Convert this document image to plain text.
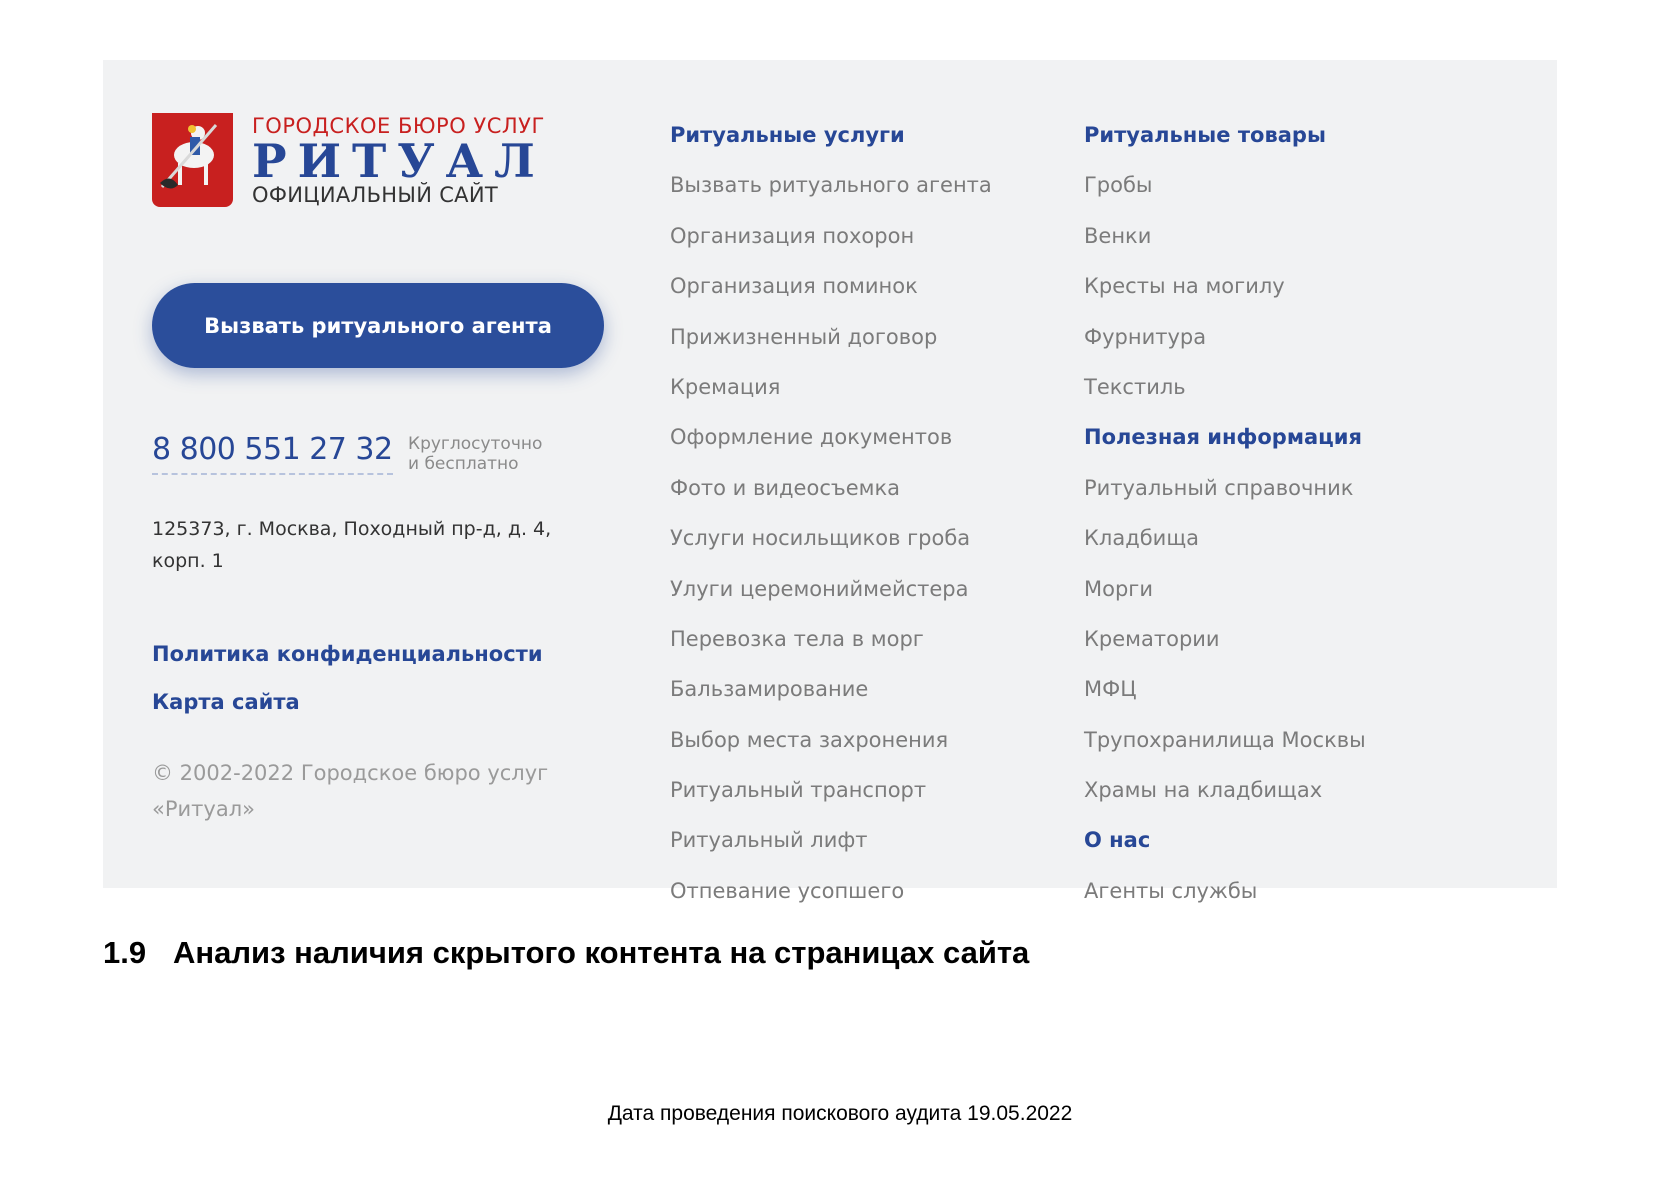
ГОРОДСКОЕ БЮРО УСЛУГ
РИТУАЛ
ОФИЦИАЛЬНЫЙ САЙТ
Вызвать ритуального агента
8 800 551 27 32 Круглосуточно
и бесплатно
125373, г. Москва, Походный пр-д, д. 4,
корп. 1
Политика конфиденциальности
Карта сайта
© 2002-2022 Городское бюро услуг
«Ритуал»
Ритуальные услуги
Вызвать ритуального агента
Организация похорон
Организация поминок
Прижизненный договор
Кремация
Оформление документов
Фото и видеосъемка
Услуги носильщиков гроба
Улуги церемониймейстера
Перевозка тела в морг
Бальзамирование
Выбор места захронения
Ритуальный транспорт
Ритуальный лифт
Отпевание усопшего
Ритуальные товары
Гробы
Венки
Кресты на могилу
Фурнитура
Текстиль
Полезная информация
Ритуальный справочник
Кладбища
Морги
Крематории
МФЦ
Трупохранилища Москвы
Храмы на кладбищах
О нас
Агенты службы
1.9 Анализ наличия скрытого контента на страницах сайта
Дата проведения поискового аудита 19.05.2022
